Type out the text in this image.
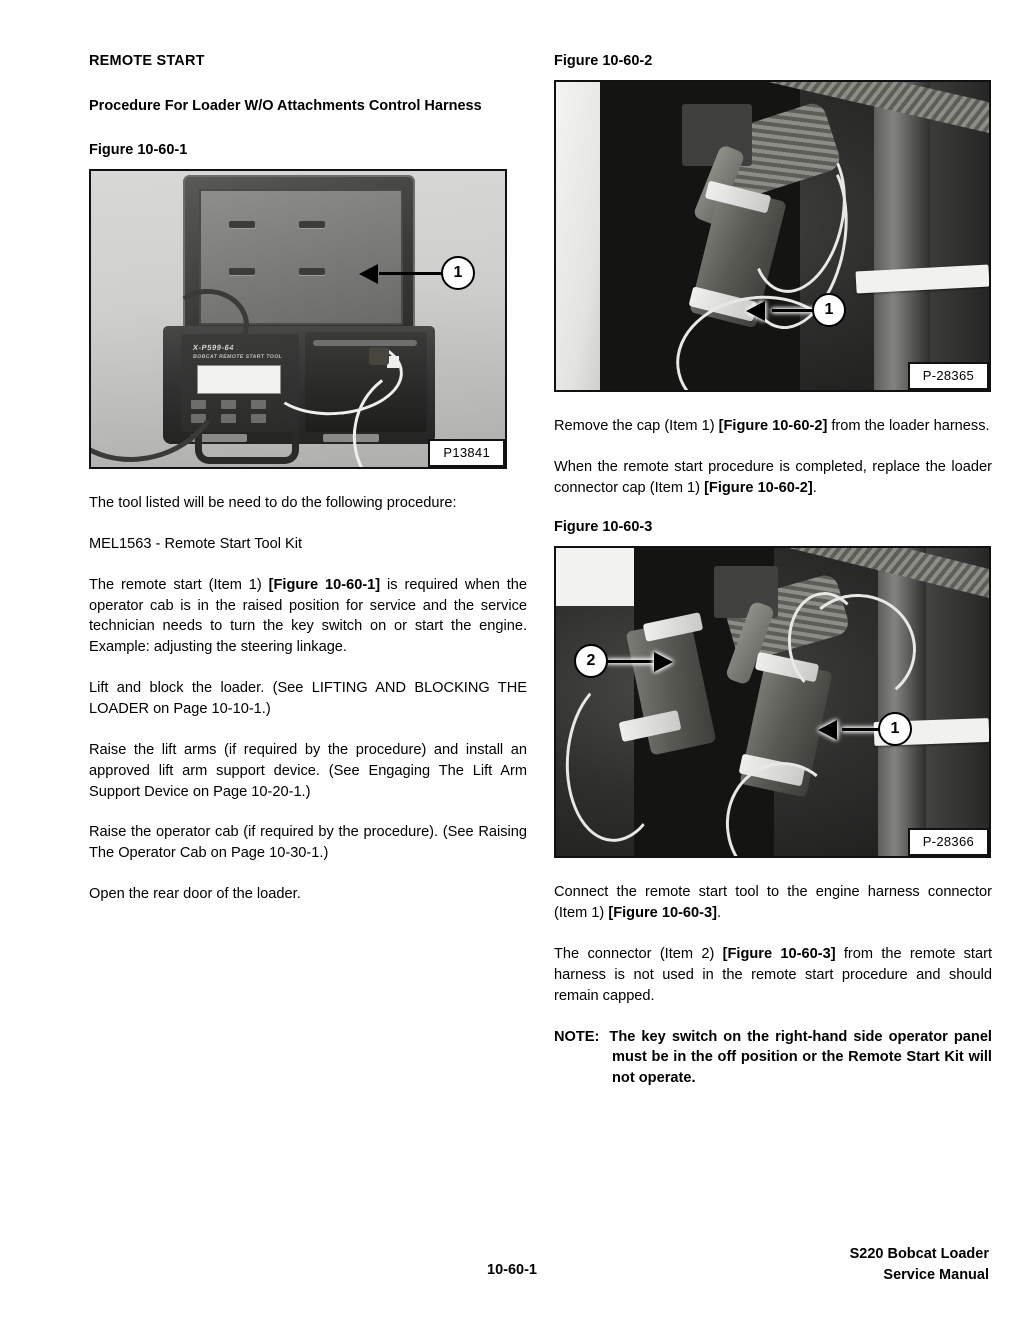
REMOTE START
Procedure For Loader W/O Attachments Control Harness
Figure 10-60-1
X-P599-643
BOBCAT REMOTE START TOOL
1
P13841

The tool listed will be need to do the following procedure:

MEL1563 - Remote Start Tool Kit

The remote start (Item 1) [Figure 10-60-1] is required when the operator cab is in the raised position for service and the service technician needs to turn the key switch on or start the engine. Example: adjusting the steering linkage.

Lift and block the loader. (See LIFTING AND BLOCKING THE LOADER on Page 10-10-1.)

Raise the lift arms (if required by the procedure) and install an approved lift arm support device. (See Engaging The Lift Arm Support Device on Page 10-20-1.)

Raise the operator cab (if required by the procedure). (See Raising The Operator Cab on Page 10-30-1.)

Open the rear door of the loader.

Figure 10-60-2
1
P-28365

Remove the cap (Item 1) [Figure 10-60-2] from the loader harness.

When the remote start procedure is completed, replace the loader connector cap (Item 1) [Figure 10-60-2].

Figure 10-60-3
2
1
P-28366

Connect the remote start tool to the engine harness connector (Item 1) [Figure 10-60-3].

The connector (Item 2) [Figure 10-60-3] from the remote start harness is not used in the remote start procedure and should remain capped.

NOTE: The key switch on the right-hand side operator panel must be in the off position or the Remote Start Kit will not operate.

10-60-1
S220 Bobcat Loader
Service Manual
